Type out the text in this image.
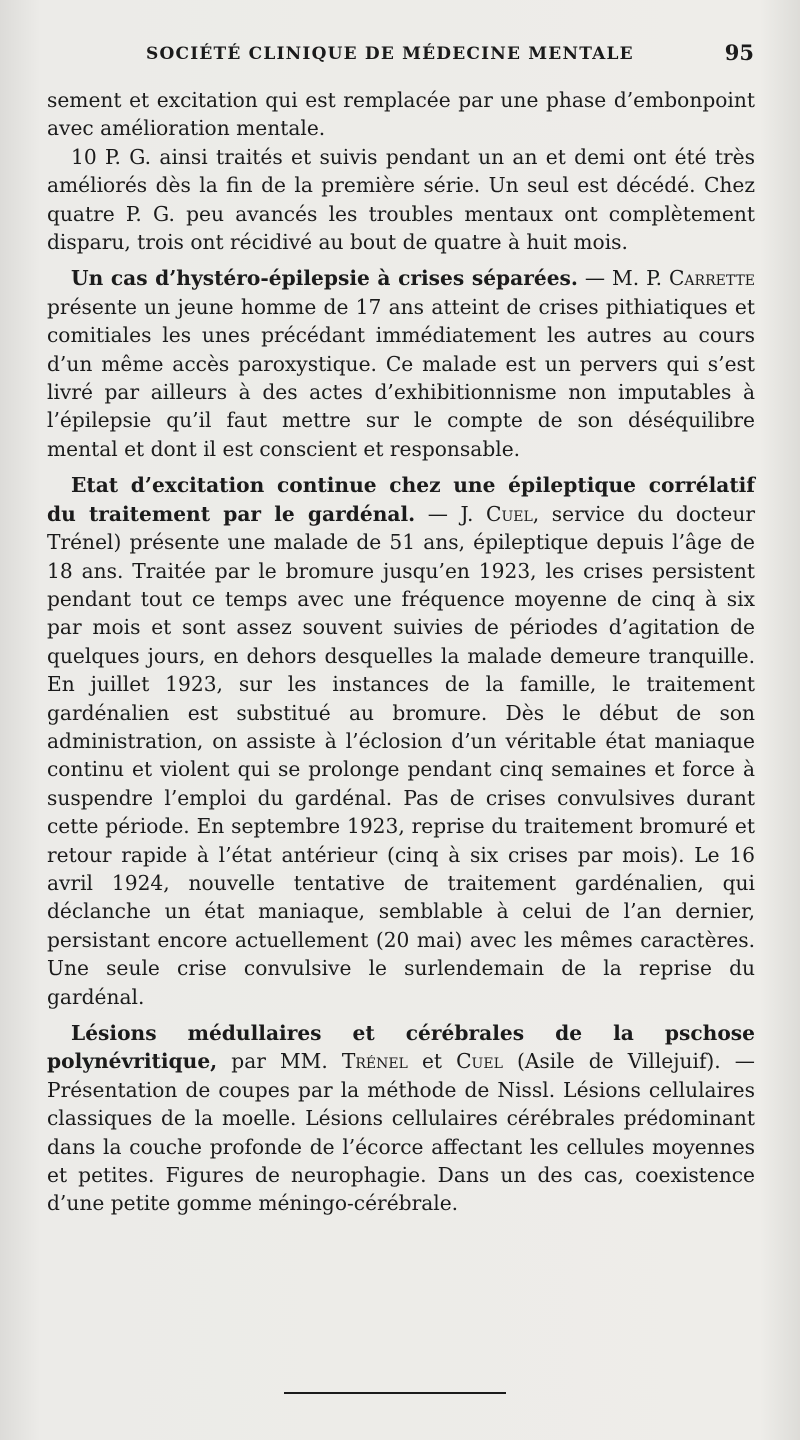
SOCIÉTÉ CLINIQUE DE MÉDECINE MENTALE	95

sement et excitation qui est remplacée par une phase d’embonpoint avec amélioration mentale.

10 P. G. ainsi traités et suivis pendant un an et demi ont été très améliorés dès la fin de la première série. Un seul est décédé. Chez quatre P. G. peu avancés les troubles mentaux ont complètement disparu, trois ont récidivé au bout de quatre à huit mois.

Un cas d’hystéro-épilepsie à crises séparées. — M. P. Carrette présente un jeune homme de 17 ans atteint de crises pithiatiques et comitiales les unes précédant immédiatement les autres au cours d’un même accès paroxystique. Ce malade est un pervers qui s’est livré par ailleurs à des actes d’exhibitionnisme non imputables à l’épilepsie qu’il faut mettre sur le compte de son déséquilibre mental et dont il est conscient et responsable.

Etat d’excitation continue chez une épileptique corrélatif du traitement par le gardénal. — J. Cuel, service du docteur Trénel) présente une malade de 51 ans, épileptique depuis l’âge de 18 ans. Traitée par le bromure jusqu’en 1923, les crises persistent pendant tout ce temps avec une fréquence moyenne de cinq à six par mois et sont assez souvent suivies de périodes d’agitation de quelques jours, en dehors desquelles la malade demeure tranquille. En juillet 1923, sur les instances de la famille, le traitement gardénalien est substitué au bromure. Dès le début de son administration, on assiste à l’éclosion d’un véritable état maniaque continu et violent qui se prolonge pendant cinq semaines et force à suspendre l’emploi du gardénal. Pas de crises convulsives durant cette période. En septembre 1923, reprise du traitement bromuré et retour rapide à l’état antérieur (cinq à six crises par mois). Le 16 avril 1924, nouvelle tentative de traitement gardénalien, qui déclanche un état maniaque, semblable à celui de l’an dernier, persistant encore actuellement (20 mai) avec les mêmes caractères. Une seule crise convulsive le surlendemain de la reprise du gardénal.

Lésions médullaires et cérébrales de la pschose polynévritique, par MM. Trénel et Cuel (Asile de Villejuif). — Présentation de coupes par la méthode de Nissl. Lésions cellulaires classiques de la moelle. Lésions cellulaires cérébrales prédominant dans la couche profonde de l’écorce affectant les cellules moyennes et petites. Figures de neurophagie. Dans un des cas, coexistence d’une petite gomme méningo-cérébrale.
